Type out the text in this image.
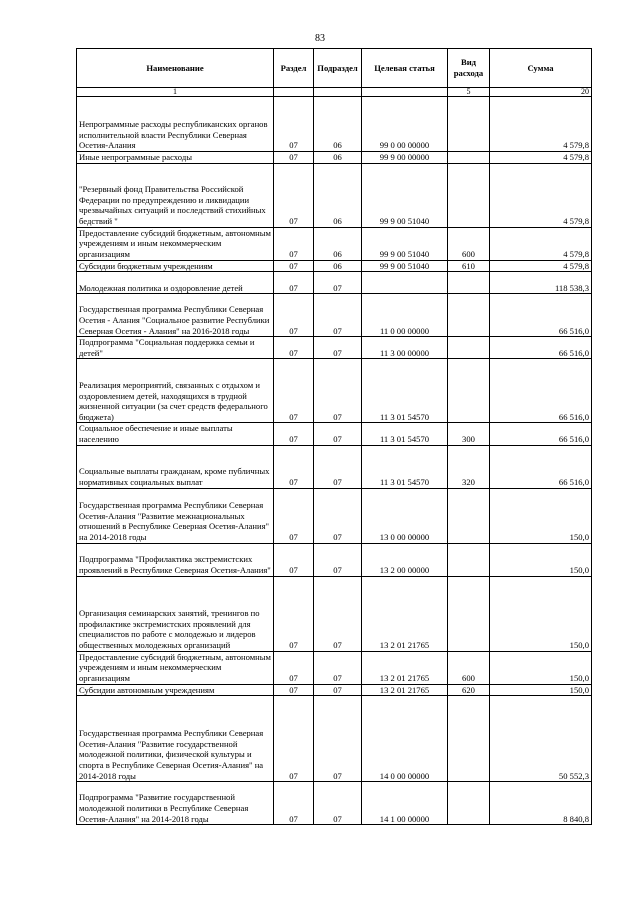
83
Наименование	Раздел	Подраздел	Целевая статья	Вид расхода	Сумма
1				5	20
Непрограммные расходы республиканских органов исполнительной власти Республики Северная Осетия-Алания	07	06	99 0 00 00000		4 579,8
Иные непрограммные расходы	07	06	99 9 00 00000		4 579,8
"Резервный фонд Правительства Российской Федерации по предупреждению и ликвидации чрезвычайных ситуаций и последствий стихийных бедствий "	07	06	99 9 00 51040		4 579,8
Предоставление субсидий бюджетным, автономным учреждениям и иным некоммерческим организациям	07	06	99 9 00 51040	600	4 579,8
Субсидии бюджетным учреждениям	07	06	99 9 00 51040	610	4 579,8
Молодежная политика и оздоровление детей	07	07			118 538,3
Государственная программа Республики Северная Осетия - Алания "Социальное развитие Республики Северная Осетия - Алания" на 2016-2018 годы	07	07	11 0 00 00000		66 516,0
Подпрограмма "Социальная поддержка семьи и детей"	07	07	11 3 00 00000		66 516,0
Реализация мероприятий, связанных с отдыхом и оздоровлением детей, находящихся в трудной жизненной ситуации (за счет средств федерального бюджета)	07	07	11 3 01 54570		66 516,0
Социальное обеспечение и иные выплаты населению	07	07	11 3 01 54570	300	66 516,0
Социальные выплаты гражданам, кроме публичных нормативных социальных выплат	07	07	11 3 01 54570	320	66 516,0
Государственная программа Республики Северная Осетия-Алания "Развитие межнациональных отношений в Республике Северная Осетия-Алания" на 2014-2018 годы	07	07	13 0 00 00000		150,0
Подпрограмма "Профилактика экстремистских проявлений в Республике Северная Осетия-Алания"	07	07	13 2 00 00000		150,0
Организация семинарских занятий, тренингов по профилактике экстремистских проявлений для специалистов по работе с молодежью и лидеров общественных молодежных организаций	07	07	13 2 01 21765		150,0
Предоставление субсидий бюджетным, автономным учреждениям и иным некоммерческим организациям	07	07	13 2 01 21765	600	150,0
Субсидии автономным учреждениям	07	07	13 2 01 21765	620	150,0
Государственная программа Республики Северная Осетия-Алания "Развитие государственной молодежной политики, физической культуры и спорта в Республике Северная Осетия-Алания" на 2014-2018 годы	07	07	14 0 00 00000		50 552,3
Подпрограмма "Развитие государственной молодежной политики в Республике Северная Осетия-Алания" на 2014-2018 годы	07	07	14 1 00 00000		8 840,8
